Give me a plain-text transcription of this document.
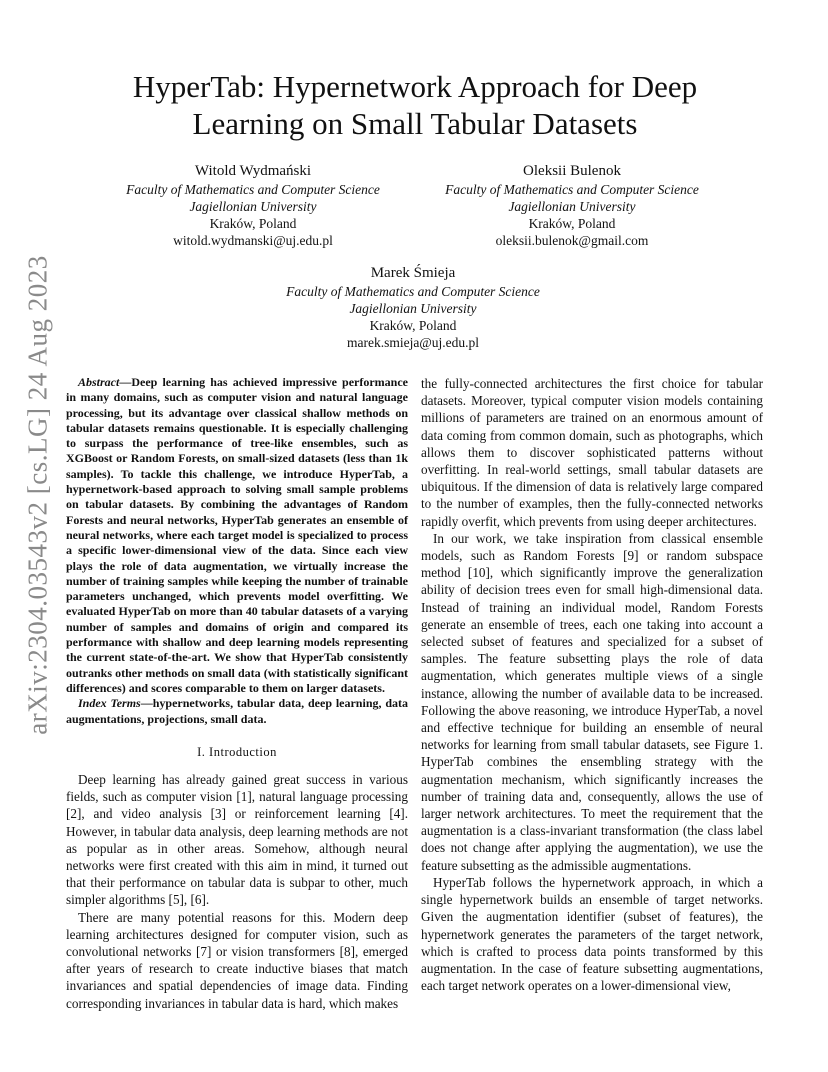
arXiv:2304.03543v2 [cs.LG] 24 Aug 2023
HyperTab: Hypernetwork Approach for Deep Learning on Small Tabular Datasets
Witold Wydmański
Faculty of Mathematics and Computer Science
Jagiellonian University
Kraków, Poland
witold.wydmanski@uj.edu.pl
Oleksii Bulenok
Faculty of Mathematics and Computer Science
Jagiellonian University
Kraków, Poland
oleksii.bulenok@gmail.com
Marek Śmieja
Faculty of Mathematics and Computer Science
Jagiellonian University
Kraków, Poland
marek.smieja@uj.edu.pl

Abstract—Deep learning has achieved impressive performance in many domains, such as computer vision and natural language processing, but its advantage over classical shallow methods on tabular datasets remains questionable. It is especially challenging to surpass the performance of tree-like ensembles, such as XGBoost or Random Forests, on small-sized datasets (less than 1k samples). To tackle this challenge, we introduce HyperTab, a hypernetwork-based approach to solving small sample problems on tabular datasets. By combining the advantages of Random Forests and neural networks, HyperTab generates an ensemble of neural networks, where each target model is specialized to process a specific lower-dimensional view of the data. Since each view plays the role of data augmentation, we virtually increase the number of training samples while keeping the number of trainable parameters unchanged, which prevents model overfitting. We evaluated HyperTab on more than 40 tabular datasets of a varying number of samples and domains of origin and compared its performance with shallow and deep learning models representing the current state-of-the-art. We show that HyperTab consistently outranks other methods on small data (with statistically significant differences) and scores comparable to them on larger datasets.

Index Terms—hypernetworks, tabular data, deep learning, data augmentations, projections, small data.

I. Introduction

Deep learning has already gained great success in various fields, such as computer vision [1], natural language processing [2], and video analysis [3] or reinforcement learning [4]. However, in tabular data analysis, deep learning methods are not as popular as in other areas. Somehow, although neural networks were first created with this aim in mind, it turned out that their performance on tabular data is subpar to other, much simpler algorithms [5], [6].

There are many potential reasons for this. Modern deep learning architectures designed for computer vision, such as convolutional networks [7] or vision transformers [8], emerged after years of research to create inductive biases that match invariances and spatial dependencies of image data. Finding corresponding invariances in tabular data is hard, which makes

the fully-connected architectures the first choice for tabular datasets. Moreover, typical computer vision models containing millions of parameters are trained on an enormous amount of data coming from common domain, such as photographs, which allows them to discover sophisticated patterns without overfitting. In real-world settings, small tabular datasets are ubiquitous. If the dimension of data is relatively large compared to the number of examples, then the fully-connected networks rapidly overfit, which prevents from using deeper architectures.

In our work, we take inspiration from classical ensemble models, such as Random Forests [9] or random subspace method [10], which significantly improve the generalization ability of decision trees even for small high-dimensional data. Instead of training an individual model, Random Forests generate an ensemble of trees, each one taking into account a selected subset of features and specialized for a subset of samples. The feature subsetting plays the role of data augmentation, which generates multiple views of a single instance, allowing the number of available data to be increased. Following the above reasoning, we introduce HyperTab, a novel and effective technique for building an ensemble of neural networks for learning from small tabular datasets, see Figure 1. HyperTab combines the ensembling strategy with the augmentation mechanism, which significantly increases the number of training data and, consequently, allows the use of larger network architectures. To meet the requirement that the augmentation is a class-invariant transformation (the class label does not change after applying the augmentation), we use the feature subsetting as the admissible augmentations.

HyperTab follows the hypernetwork approach, in which a single hypernetwork builds an ensemble of target networks. Given the augmentation identifier (subset of features), the hypernetwork generates the parameters of the target network, which is crafted to process data points transformed by this augmentation. In the case of feature subsetting augmentations, each target network operates on a lower-dimensional view,
